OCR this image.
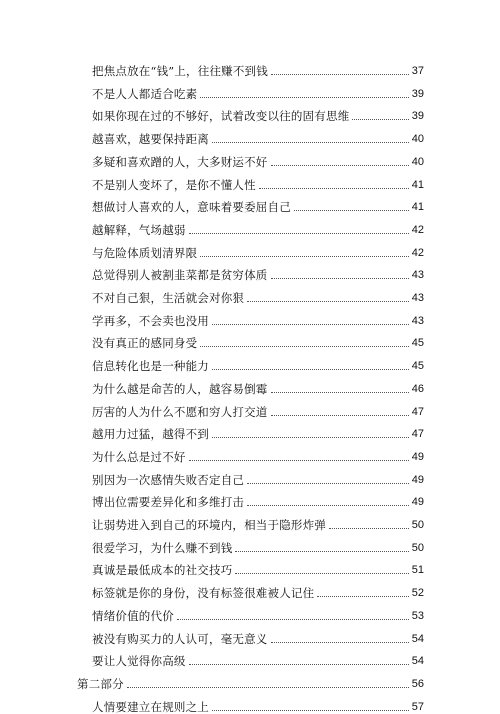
把焦点放在“钱”上，往往赚不到钱	37
不是人人都适合吃素	39
如果你现在过的不够好，试着改变以往的固有思维	39
越喜欢，越要保持距离	40
多疑和喜欢蹭的人，大多财运不好	40
不是别人变坏了，是你不懂人性	41
想做讨人喜欢的人，意味着要委屈自己	41
越解释，气场越弱	42
与危险体质划清界限	42
总觉得别人被割韭菜都是贫穷体质	43
不对自己狠，生活就会对你狠	43
学再多，不会卖也没用	43
没有真正的感同身受	45
信息转化也是一种能力	45
为什么越是命苦的人，越容易倒霉	46
厉害的人为什么不愿和穷人打交道	47
越用力过猛，越得不到	47
为什么总是过不好	49
别因为一次感情失败否定自己	49
博出位需要差异化和多维打击	49
让弱势进入到自己的环境内，相当于隐形炸弹	50
很爱学习，为什么赚不到钱	50
真诚是最低成本的社交技巧	51
标签就是你的身份，没有标签很难被人记住	52
情绪价值的代价	53
被没有购买力的人认可，毫无意义	54
要让人觉得你高级	54
第二部分	56
人情要建立在规则之上	57
